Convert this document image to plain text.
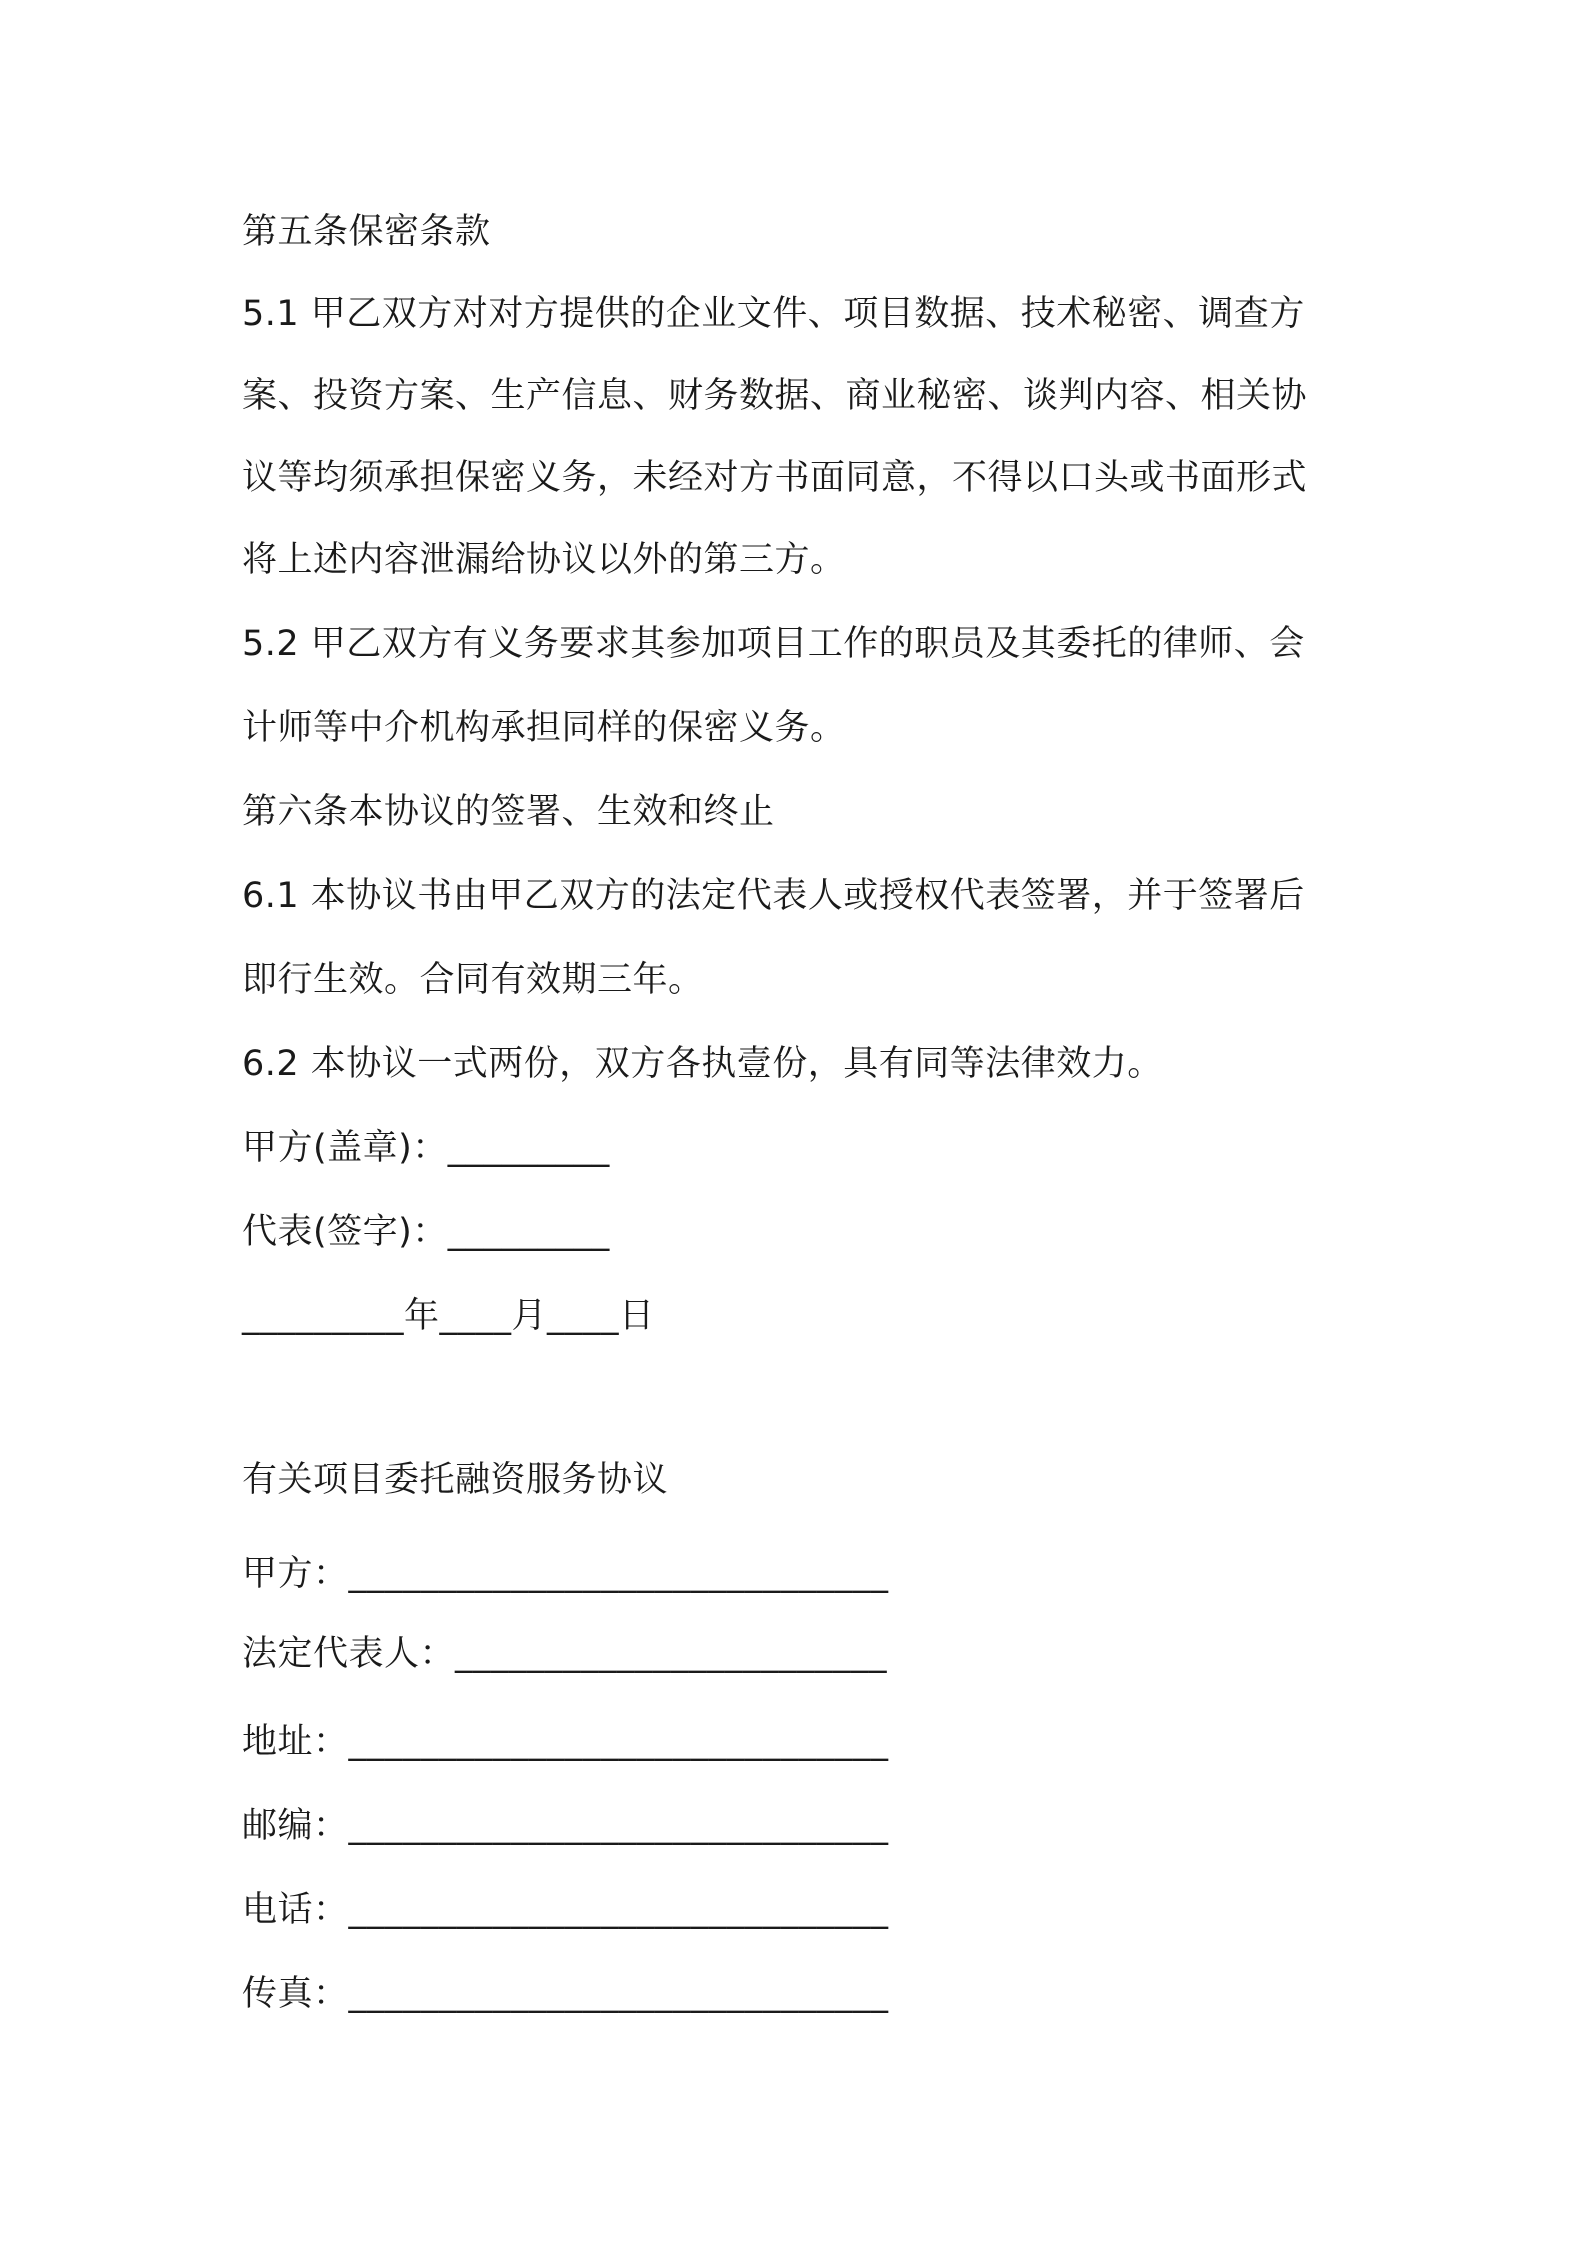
第五条保密条款
5.1 甲乙双方对对方提供的企业文件、项目数据、技术秘密、调查方
案、投资方案、生产信息、财务数据、商业秘密、谈判内容、相关协
议等均须承担保密义务，未经对方书面同意，不得以口头或书面形式
将上述内容泄漏给协议以外的第三方。
5.2 甲乙双方有义务要求其参加项目工作的职员及其委托的律师、会
计师等中介机构承担同样的保密义务。
第六条本协议的签署、生效和终止
6.1 本协议书由甲乙双方的法定代表人或授权代表签署，并于签署后
即行生效。合同有效期三年。
6.2 本协议一式两份，双方各执壹份，具有同等法律效力。
甲方(盖章)：_________
代表(签字)：_________
_________年____月____日
有关项目委托融资服务协议
甲方：______________________________
法定代表人：________________________
地址：______________________________
邮编：______________________________
电话：______________________________
传真：______________________________
